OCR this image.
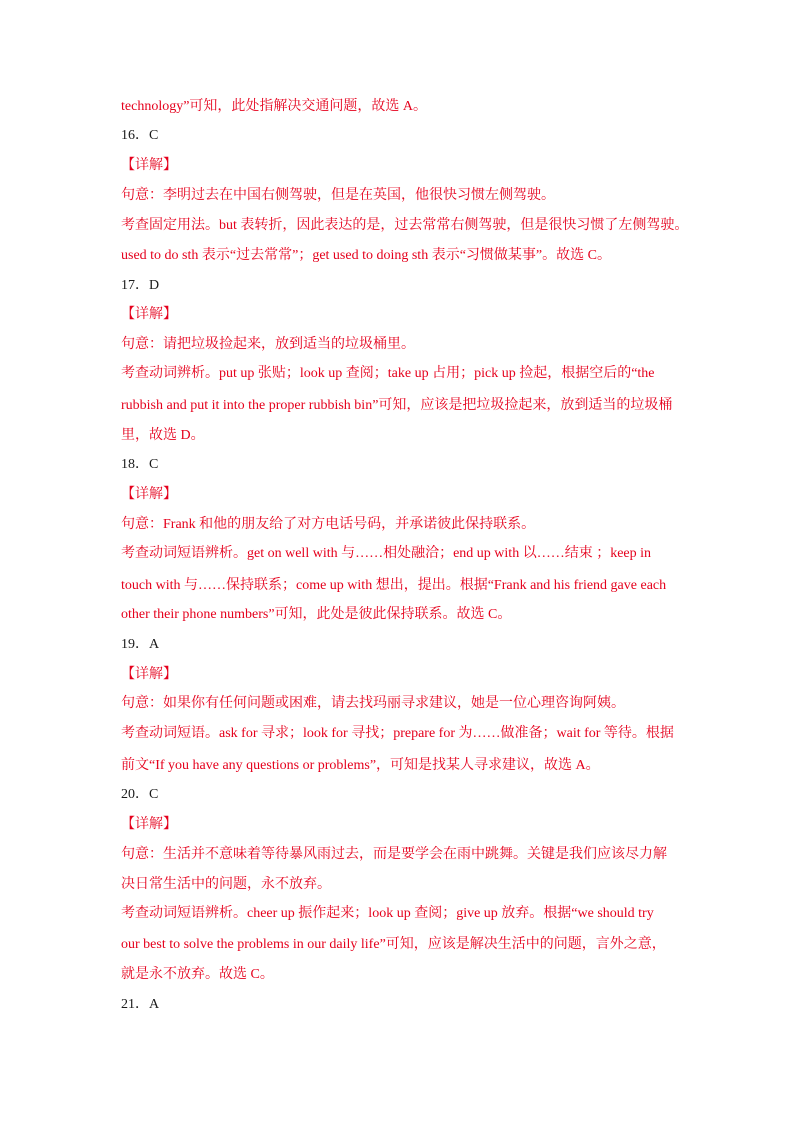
technology”可知，此处指解决交通问题，故选 A。
16．C
【详解】
句意：李明过去在中国右侧驾驶，但是在英国，他很快习惯左侧驾驶。
考查固定用法。but 表转折，因此表达的是，过去常常右侧驾驶，但是很快习惯了左侧驾驶。
used to do sth 表示“过去常常”；get used to doing sth 表示“习惯做某事”。故选 C。
17．D
【详解】
句意：请把垃圾捡起来，放到适当的垃圾桶里。
考查动词辨析。put up 张贴；look up 查阅；take up 占用；pick up 捡起，根据空后的“the
rubbish and put it into the proper rubbish bin”可知，应该是把垃圾捡起来，放到适当的垃圾桶
里，故选 D。
18．C
【详解】
句意：Frank 和他的朋友给了对方电话号码，并承诺彼此保持联系。
考查动词短语辨析。get on well with 与……相处融洽；end up with 以……结束 ；keep in
touch with 与……保持联系；come up with 想出，提出。根据“Frank and his friend gave each
other their phone numbers”可知，此处是彼此保持联系。故选 C。
19．A
【详解】
句意：如果你有任何问题或困难，请去找玛丽寻求建议，她是一位心理咨询阿姨。
考查动词短语。ask for 寻求；look for 寻找；prepare for 为……做准备；wait for 等待。根据
前文“If you have any questions or problems”，可知是找某人寻求建议，故选 A。
20．C
【详解】
句意：生活并不意味着等待暴风雨过去，而是要学会在雨中跳舞。关键是我们应该尽力解
决日常生活中的问题，永不放弃。
考查动词短语辨析。cheer up 振作起来；look up 查阅；give up 放弃。根据“we should try
our best to solve the problems in our daily life”可知，应该是解决生活中的问题，言外之意，
就是永不放弃。故选 C。
21．A
